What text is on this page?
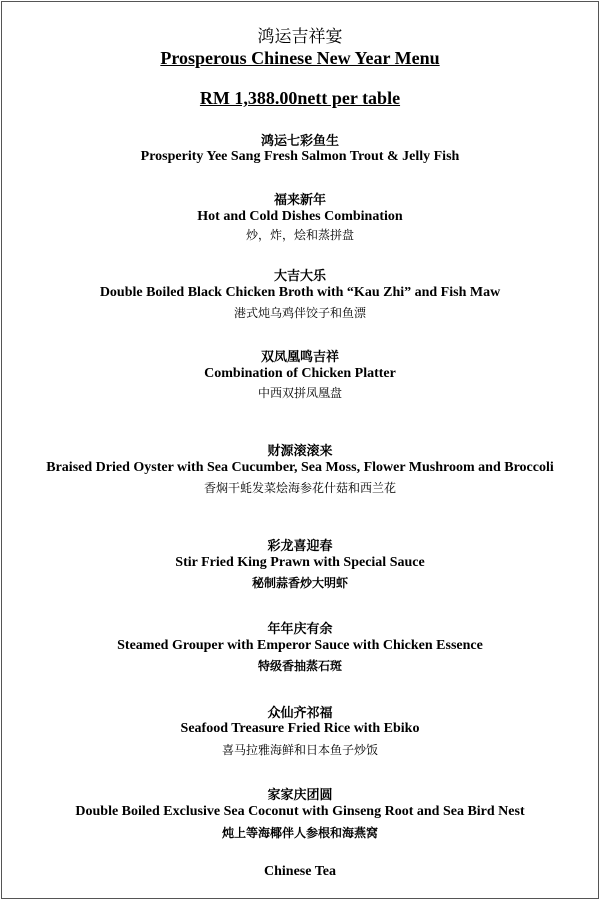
鸿运吉祥宴
Prosperous Chinese New Year Menu
RM 1,388.00nett per table
鸿运七彩鱼生
Prosperity Yee Sang Fresh Salmon Trout & Jelly Fish
福来新年
Hot and Cold Dishes Combination
炒，炸，烩和蒸拼盘
大吉大乐
Double Boiled Black Chicken Broth with “Kau Zhi” and Fish Maw
港式炖乌鸡伴饺子和鱼漂
双凤凰鸣吉祥
Combination of Chicken Platter
中西双拼凤凰盘
财源滚滚来
Braised Dried Oyster with Sea Cucumber, Sea Moss, Flower Mushroom and Broccoli
香焖干蚝发菜烩海参花什菇和西兰花
彩龙喜迎春
Stir Fried King Prawn with Special Sauce
秘制蒜香炒大明虾
年年庆有余
Steamed Grouper with Emperor Sauce with Chicken Essence
特级香抽蒸石斑
众仙齐祁福
Seafood Treasure Fried Rice with Ebiko
喜马拉雅海鲜和日本鱼子炒饭
家家庆团圆
Double Boiled Exclusive Sea Coconut with Ginseng Root and Sea Bird Nest
炖上等海椰伴人参根和海燕窝
Chinese Tea
